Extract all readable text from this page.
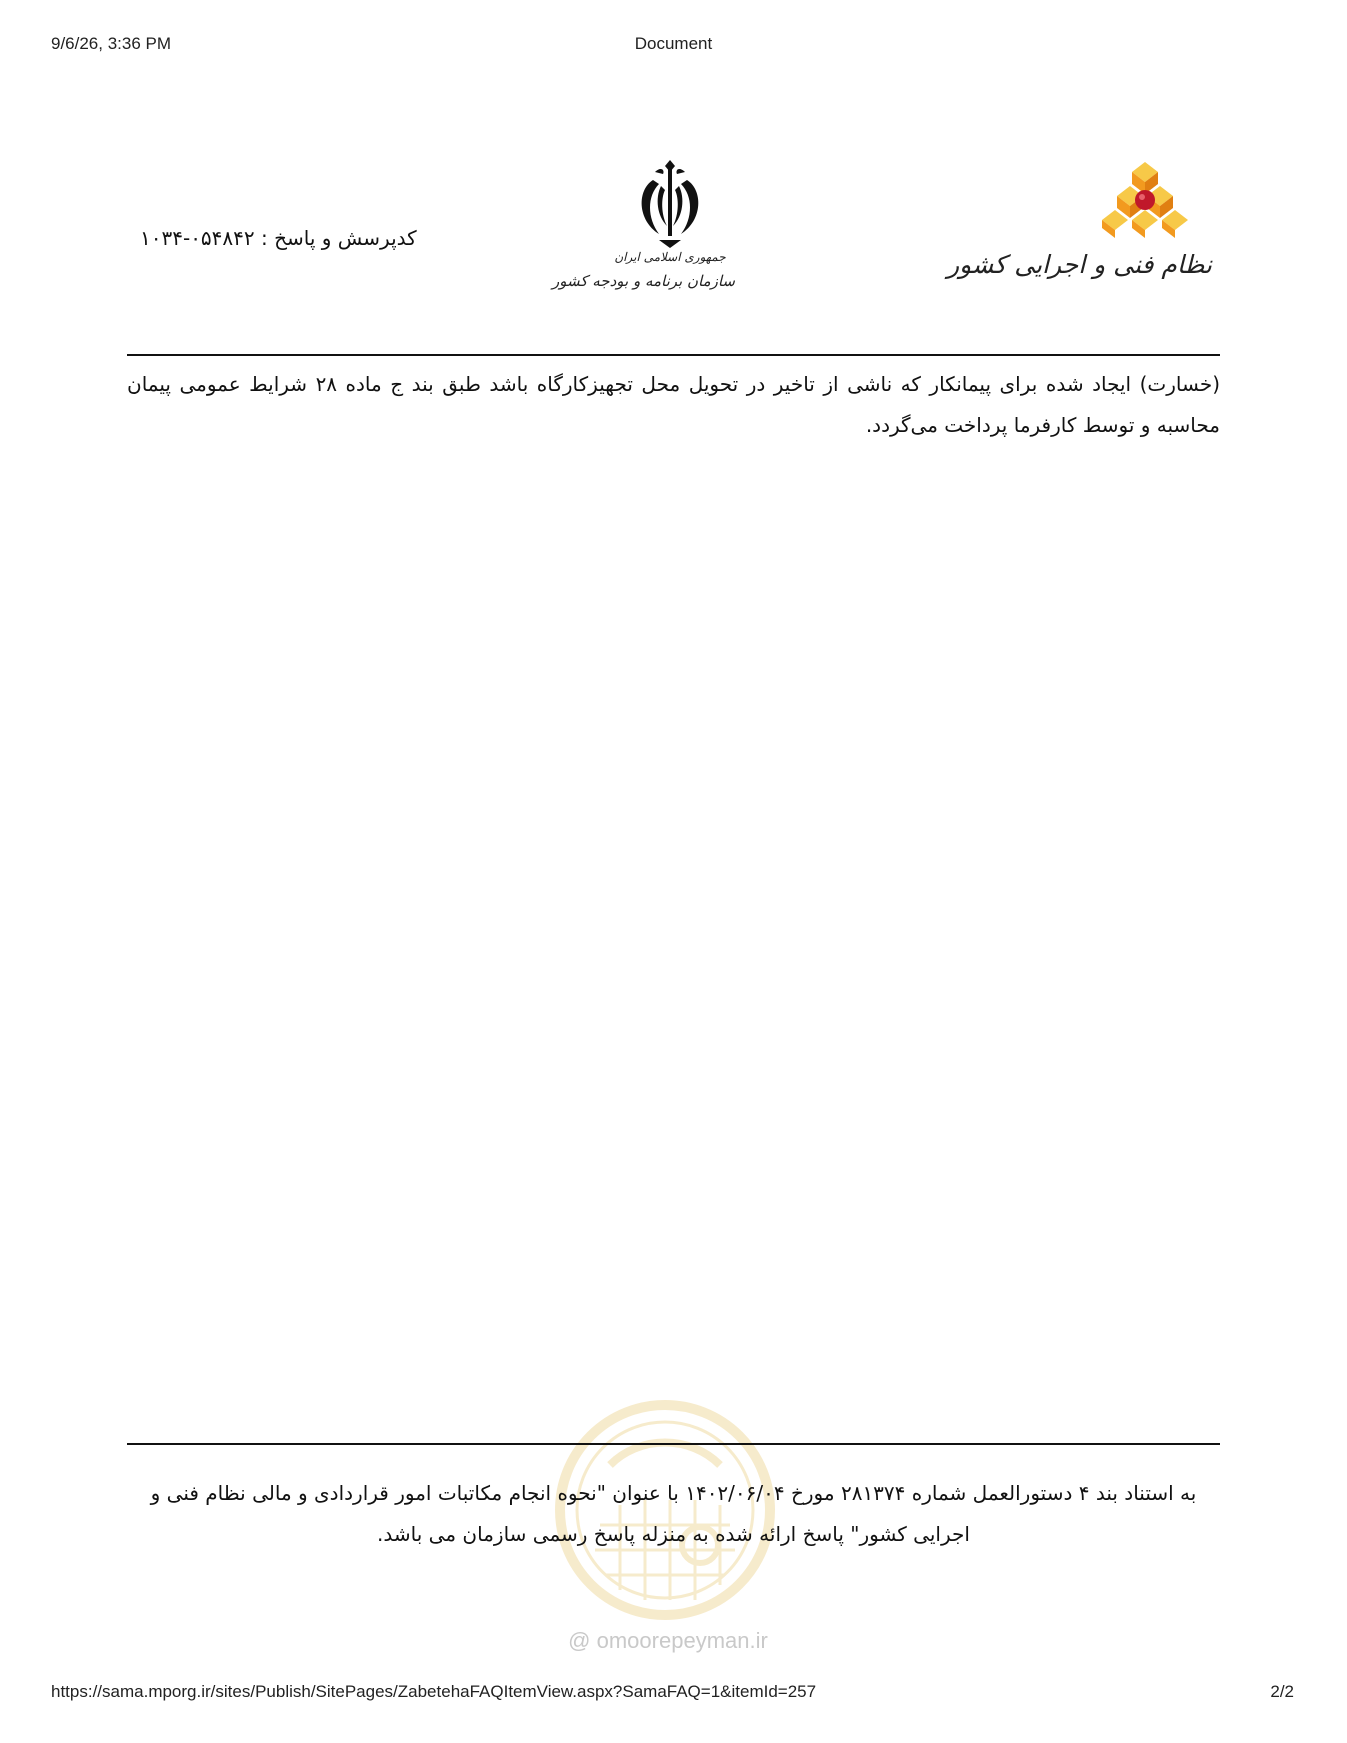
9/6/26, 3:36 PM	Document
نظام فنی و اجرایی کشور
جمهوری اسلامی ایران
سازمان برنامه و بودجه کشور
کدپرسش و پاسخ : ۰۵۴۸۴۲-۱۰۳۴
(خسارت) ایجاد شده برای پیمانکار که ناشی از تاخیر در تحویل محل تجهیزکارگاه باشد طبق بند ج ماده ۲۸ شرایط عمومی پیمان محاسبه و توسط کارفرما پرداخت می‌گردد.
@ omoorepeyman.ir
به استناد بند ۴ دستورالعمل شماره ۲۸۱۳۷۴ مورخ ۱۴۰۲/۰۶/۰۴ با عنوان "نحوه انجام مکاتبات امور قراردادی و مالی نظام فنی و اجرایی کشور" پاسخ ارائه شده به منزله پاسخ رسمی سازمان می باشد.
https://sama.mporg.ir/sites/Publish/SitePages/ZabetehaFAQItemView.aspx?SamaFAQ=1&itemId=257	2/2
